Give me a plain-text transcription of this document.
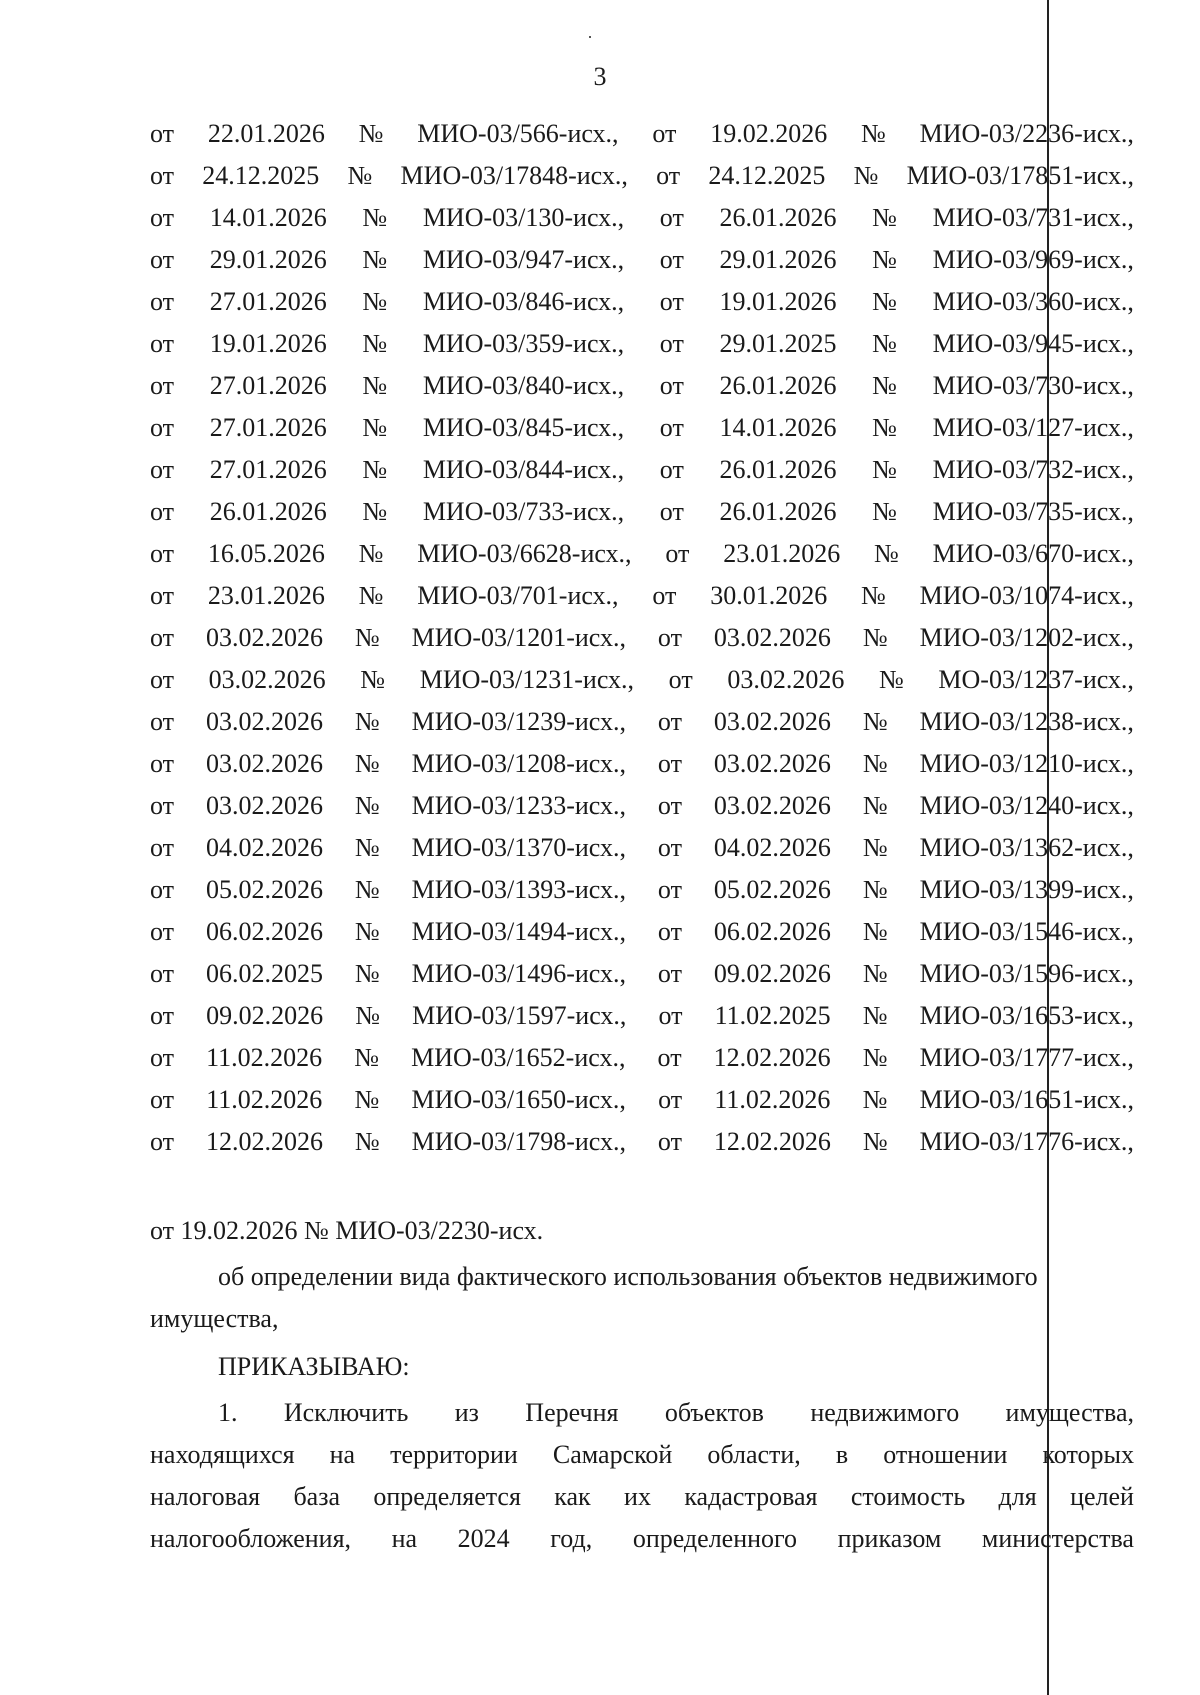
3
от 22.01.2026 № МИО-03/566-исх., от 19.02.2026 № МИО-03/2236-исх.,
от 24.12.2025 № МИО-03/17848-исх., от 24.12.2025 № МИО-03/17851-исх.,
от 14.01.2026 № МИО-03/130-исх., от 26.01.2026 № МИО-03/731-исх.,
от 29.01.2026 № МИО-03/947-исх., от 29.01.2026 № МИО-03/969-исх.,
от 27.01.2026 № МИО-03/846-исх., от 19.01.2026 № МИО-03/360-исх.,
от 19.01.2026 № МИО-03/359-исх., от 29.01.2025 № МИО-03/945-исх.,
от 27.01.2026 № МИО-03/840-исх., от 26.01.2026 № МИО-03/730-исх.,
от 27.01.2026 № МИО-03/845-исх., от 14.01.2026 № МИО-03/127-исх.,
от 27.01.2026 № МИО-03/844-исх., от 26.01.2026 № МИО-03/732-исх.,
от 26.01.2026 № МИО-03/733-исх., от 26.01.2026 № МИО-03/735-исх.,
от 16.05.2026 № МИО-03/6628-исх., от 23.01.2026 № МИО-03/670-исх.,
от 23.01.2026 № МИО-03/701-исх., от 30.01.2026 № МИО-03/1074-исх.,
от 03.02.2026 № МИО-03/1201-исх., от 03.02.2026 № МИО-03/1202-исх.,
от 03.02.2026 № МИО-03/1231-исх., от 03.02.2026 № МО-03/1237-исх.,
от 03.02.2026 № МИО-03/1239-исх., от 03.02.2026 № МИО-03/1238-исх.,
от 03.02.2026 № МИО-03/1208-исх., от 03.02.2026 № МИО-03/1210-исх.,
от 03.02.2026 № МИО-03/1233-исх., от 03.02.2026 № МИО-03/1240-исх.,
от 04.02.2026 № МИО-03/1370-исх., от 04.02.2026 № МИО-03/1362-исх.,
от 05.02.2026 № МИО-03/1393-исх., от 05.02.2026 № МИО-03/1399-исх.,
от 06.02.2026 № МИО-03/1494-исх., от 06.02.2026 № МИО-03/1546-исх.,
от 06.02.2025 № МИО-03/1496-исх., от 09.02.2026 № МИО-03/1596-исх.,
от 09.02.2026 № МИО-03/1597-исх., от 11.02.2025 № МИО-03/1653-исх.,
от 11.02.2026 № МИО-03/1652-исх., от 12.02.2026 № МИО-03/1777-исх.,
от 11.02.2026 № МИО-03/1650-исх., от 11.02.2026 № МИО-03/1651-исх.,
от 12.02.2026 № МИО-03/1798-исх., от 12.02.2026 № МИО-03/1776-исх.,
от 19.02.2026 № МИО-03/2230-исх.
об определении вида фактического использования объектов недвижимого
имущества,
ПРИКАЗЫВАЮ:
1. Исключить из Перечня объектов недвижимого имущества,
находящихся на территории Самарской области, в отношении которых
налоговая база определяется как их кадастровая стоимость для целей
налогообложения, на 2024 год, определенного приказом министерства
